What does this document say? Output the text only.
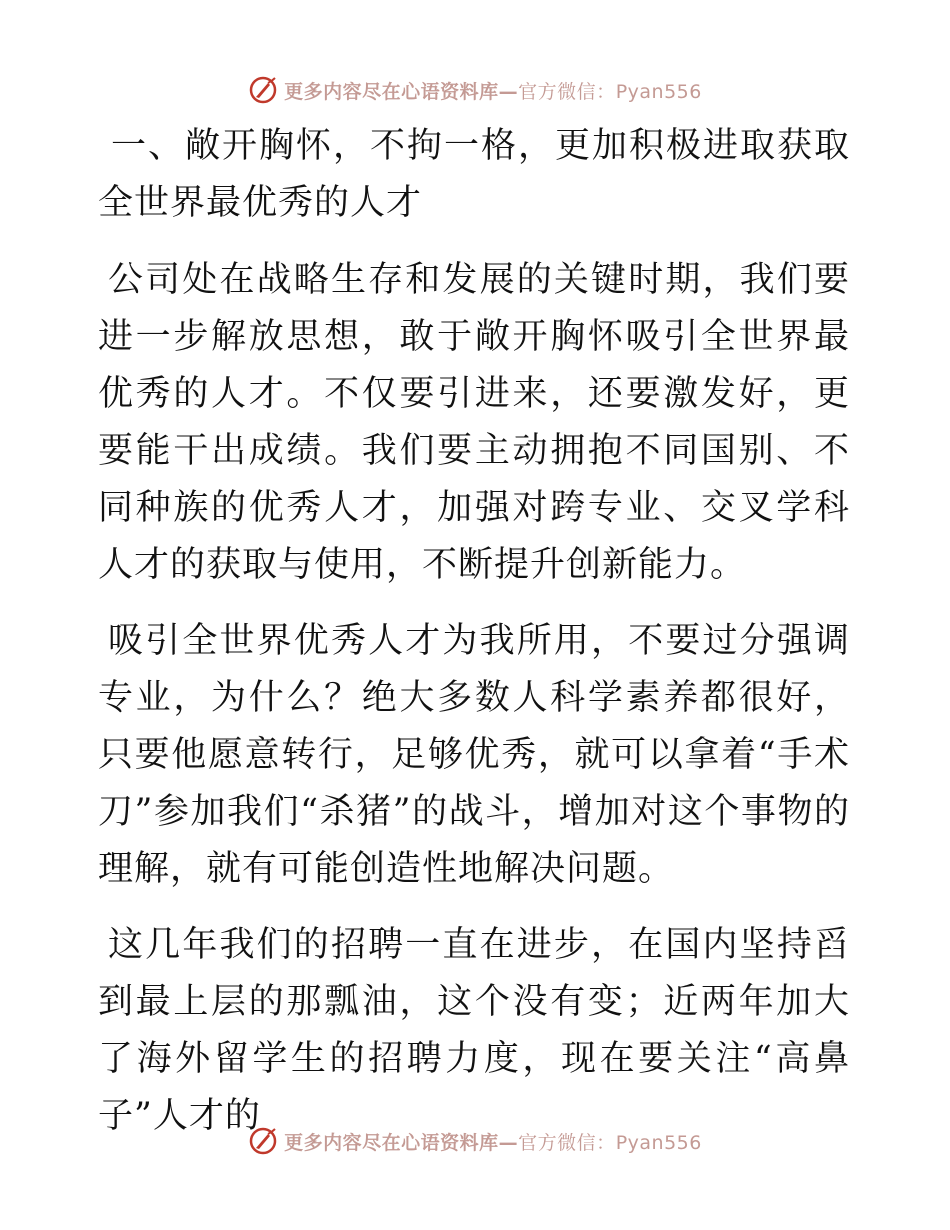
更多内容尽在心语资料库—官方微信：Pyan556

一、敞开胸怀，不拘一格，更加积极进取获取全世界最优秀的人才

公司处在战略生存和发展的关键时期，我们要进一步解放思想，敢于敞开胸怀吸引全世界最优秀的人才。不仅要引进来，还要激发好，更要能干出成绩。我们要主动拥抱不同国别、不同种族的优秀人才，加强对跨专业、交叉学科人才的获取与使用，不断提升创新能力。

吸引全世界优秀人才为我所用，不要过分强调专业，为什么？绝大多数人科学素养都很好，只要他愿意转行，足够优秀，就可以拿着“手术刀”参加我们“杀猪”的战斗，增加对这个事物的理解，就有可能创造性地解决问题。

这几年我们的招聘一直在进步，在国内坚持舀到最上层的那瓢油，这个没有变；近两年加大了海外留学生的招聘力度，现在要关注“高鼻子”人才的

更多内容尽在心语资料库—官方微信：Pyan556
